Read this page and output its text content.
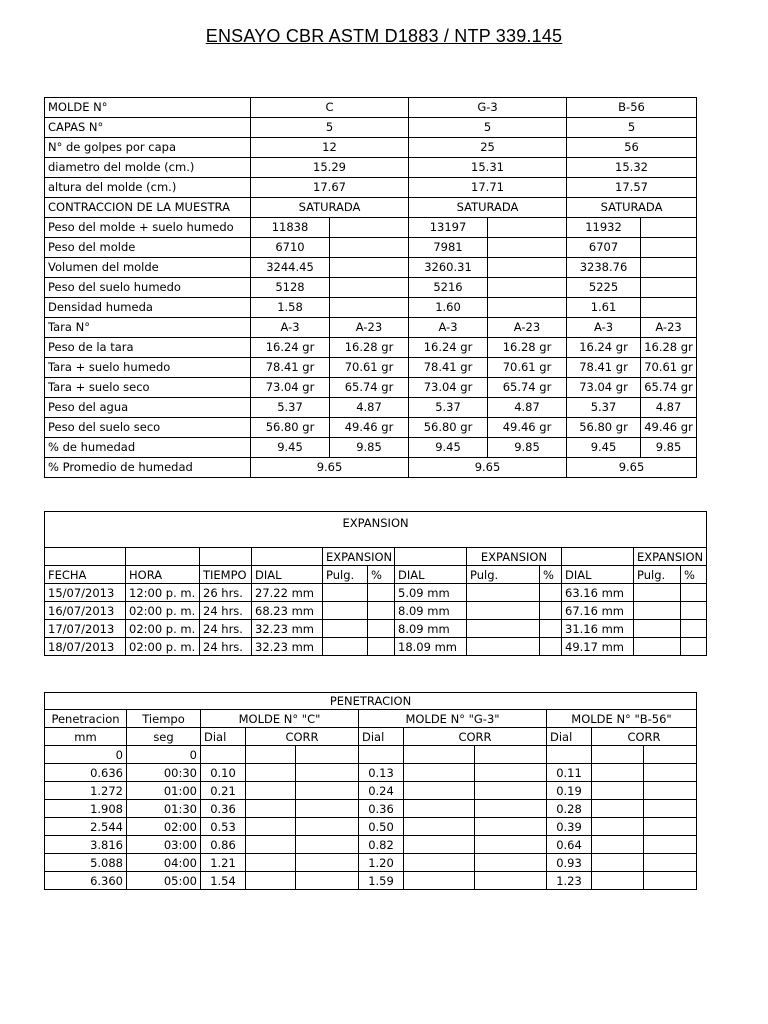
ENSAYO CBR ASTM D1883 / NTP 339.145
MOLDE N°	C		G-3		B-56	
CAPAS N°	5		5		5	
N° de golpes por capa	12		25		56	
diametro del molde (cm.)	15.29		15.31		15.32	
altura del molde (cm.)	17.67		17.71		17.57	
CONTRACCION DE LA MUESTRA	SATURADA		SATURADA		SATURADA	
Peso del molde + suelo humedo	11838		13197		11932	
Peso del molde	6710		7981		6707	
Volumen del molde	3244.45		3260.31		3238.76	
Peso del suelo humedo	5128		5216		5225	
Densidad humeda	1.58		1.60		1.61	
Tara N°	A-3	A-23	A-3	A-23	A-3	A-23
Peso de la tara	16.24 gr	16.28 gr	16.24 gr	16.28 gr	16.24 gr	16.28 gr
Tara + suelo humedo	78.41 gr	70.61 gr	78.41 gr	70.61 gr	78.41 gr	70.61 gr
Tara + suelo seco	73.04 gr	65.74 gr	73.04 gr	65.74 gr	73.04 gr	65.74 gr
Peso del agua	5.37	4.87	5.37	4.87	5.37	4.87
Peso del suelo seco	56.80 gr	49.46 gr	56.80 gr	49.46 gr	56.80 gr	49.46 gr
% de humedad	9.45	9.85	9.45	9.85	9.45	9.85
% Promedio de humedad	9.65		9.65		9.65	
EXPANSION											
				EXPANSION			EXPANSION			EXPANSION	
FECHA	HORA	TIEMPO	DIAL	Pulg.	%	DIAL	Pulg.	%	DIAL	Pulg.	%
15/07/2013	12:00 p. m.	26 hrs.	27.22 mm			5.09 mm			63.16 mm		
16/07/2013	02:00 p. m.	24 hrs.	68.23 mm			8.09 mm			67.16 mm		
17/07/2013	02:00 p. m.	24 hrs.	32.23 mm			8.09 mm			31.16 mm		
18/07/2013	02:00 p. m.	24 hrs.	32.23 mm			18.09 mm			49.17 mm		
PENETRACION										
Penetracion	Tiempo	MOLDE N° "C"			MOLDE N° "G-3"			MOLDE N° "B-56"		
mm	seg	Dial	CORR		Dial	CORR		Dial	CORR	
0	0									
0.636	00:30	0.10			0.13			0.11		
1.272	01:00	0.21			0.24			0.19		
1.908	01:30	0.36			0.36			0.28		
2.544	02:00	0.53			0.50			0.39		
3.816	03:00	0.86			0.82			0.64		
5.088	04:00	1.21			1.20			0.93		
6.360	05:00	1.54			1.59			1.23		
